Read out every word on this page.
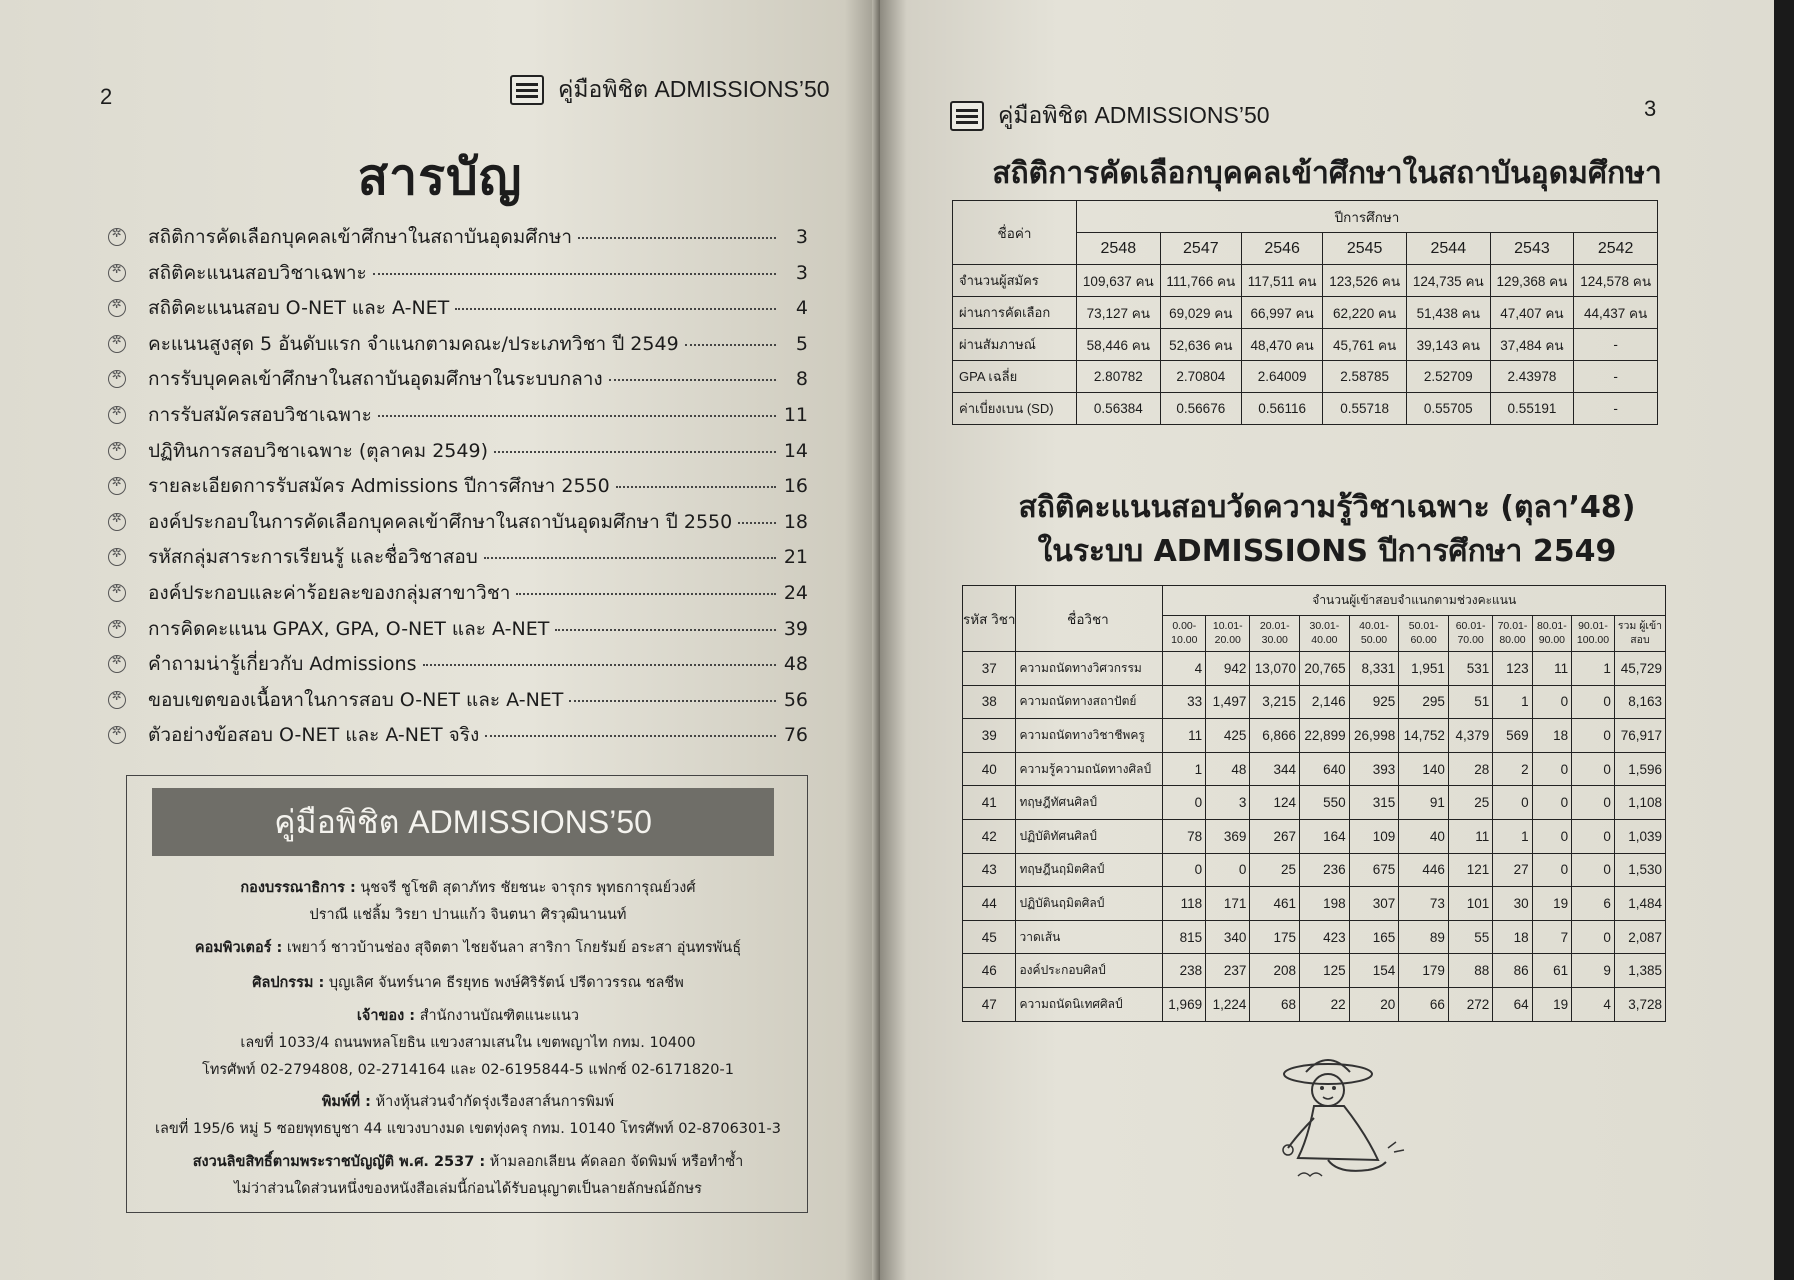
2	คู่มือพิชิต ADMISSIONS’50
สารบัญ
✲
สถิติการคัดเลือกบุคคลเข้าศึกษาในสถาบันอุดมศึกษา	3
✲
สถิติคะแนนสอบวิชาเฉพาะ	3
✲
สถิติคะแนนสอบ O-NET และ A-NET	4
✲
คะแนนสูงสุด 5 อันดับแรก จำแนกตามคณะ/ประเภทวิชา ปี 2549	5
✲
การรับบุคคลเข้าศึกษาในสถาบันอุดมศึกษาในระบบกลาง	8
✲
การรับสมัครสอบวิชาเฉพาะ	11
✲
ปฏิทินการสอบวิชาเฉพาะ (ตุลาคม 2549)	14
✲
รายละเอียดการรับสมัคร Admissions ปีการศึกษา 2550	16
✲
องค์ประกอบในการคัดเลือกบุคคลเข้าศึกษาในสถาบันอุดมศึกษา ปี 2550	18
✲
รหัสกลุ่มสาระการเรียนรู้ และชื่อวิชาสอบ	21
✲
องค์ประกอบและค่าร้อยละของกลุ่มสาขาวิชา	24
✲
การคิดคะแนน GPAX, GPA, O-NET และ A-NET	39
✲
คำถามน่ารู้เกี่ยวกับ Admissions	48
✲
ขอบเขตของเนื้อหาในการสอบ O-NET และ A-NET	56
✲
ตัวอย่างข้อสอบ O-NET และ A-NET จริง	76
คู่มือพิชิต ADMISSIONS’50
กองบรรณาธิการ : นุชจรี ชูโชติ สุดาภัทร ชัยชนะ จารุกร พุทธการุณย์วงศ์
ปราณี แช่ลิ้ม วิรยา ปานแก้ว จินตนา ศิรวุฒินานนท์
คอมพิวเตอร์ : เพยาว์ ชาวบ้านช่อง สุจิตตา ไชยจันลา สาริกา โกยรัมย์ อระสา อุ่นทรพันธุ์
ศิลปกรรม : บุญเลิศ จันทร์นาค ธีรยุทธ พงษ์ศิริรัตน์ ปรีดาวรรณ ชลชีพ
เจ้าของ : สำนักงานบัณฑิตแนะแนว
เลขที่ 1033/4 ถนนพหลโยธิน แขวงสามเสนใน เขตพญาไท กทม. 10400
โทรศัพท์ 02-2794808, 02-2714164 และ 02-6195844-5 แฟกซ์ 02-6171820-1
พิมพ์ที่ : ห้างหุ้นส่วนจำกัดรุ่งเรืองสาส์นการพิมพ์
เลขที่ 195/6 หมู่ 5 ซอยพุทธบูชา 44 แขวงบางมด เขตทุ่งครุ กทม. 10140 โทรศัพท์ 02-8706301-3
สงวนลิขสิทธิ์ตามพระราชบัญญัติ พ.ศ. 2537 : ห้ามลอกเลียน คัดลอก จัดพิมพ์ หรือทำซ้ำ
ไม่ว่าส่วนใดส่วนหนึ่งของหนังสือเล่มนี้ก่อนได้รับอนุญาตเป็นลายลักษณ์อักษร
คู่มือพิชิต ADMISSIONS’50	3
สถิติการคัดเลือกบุคคลเข้าศึกษาในสถาบันอุดมศึกษา
สถิติคะแนนสอบวัดความรู้วิชาเฉพาะ (ตุลา’48)
ในระบบ ADMISSIONS ปีการศึกษา 2549
ชื่อค่า	ปีการศึกษา						
	2548	2547	2546	2545	2544	2543	2542
จำนวนผู้สมัคร	109,637 คน	111,766 คน	117,511 คน	123,526 คน	124,735 คน	129,368 คน	124,578 คน
ผ่านการคัดเลือก	73,127 คน	69,029 คน	66,997 คน	62,220 คน	51,438 คน	47,407 คน	44,437 คน
ผ่านสัมภาษณ์	58,446 คน	52,636 คน	48,470 คน	45,761 คน	39,143 คน	37,484 คน	-
GPA เฉลี่ย	2.80782	2.70804	2.64009	2.58785	2.52709	2.43978	-
ค่าเบี่ยงเบน (SD)	0.56384	0.56676	0.56116	0.55718	0.55705	0.55191	-
รหัส วิชา	ชื่อวิชา	จำนวนผู้เข้าสอบจำแนกตามช่วงคะแนน										
		0.00- 10.00	10.01- 20.00	20.01- 30.00	30.01- 40.00	40.01- 50.00	50.01- 60.00	60.01- 70.00	70.01- 80.00	80.01- 90.00	90.01- 100.00	รวม ผู้เข้าสอบ
37	ความถนัดทางวิศวกรรม	4	942	13,070	20,765	8,331	1,951	531	123	11	1	45,729
38	ความถนัดทางสถาปัตย์	33	1,497	3,215	2,146	925	295	51	1	0	0	8,163
39	ความถนัดทางวิชาชีพครู	11	425	6,866	22,899	26,998	14,752	4,379	569	18	0	76,917
40	ความรู้ความถนัดทางศิลป์	1	48	344	640	393	140	28	2	0	0	1,596
41	ทฤษฎีทัศนศิลป์	0	3	124	550	315	91	25	0	0	0	1,108
42	ปฏิบัติทัศนศิลป์	78	369	267	164	109	40	11	1	0	0	1,039
43	ทฤษฎีนฤมิตศิลป์	0	0	25	236	675	446	121	27	0	0	1,530
44	ปฏิบัตินฤมิตศิลป์	118	171	461	198	307	73	101	30	19	6	1,484
45	วาดเส้น	815	340	175	423	165	89	55	18	7	0	2,087
46	องค์ประกอบศิลป์	238	237	208	125	154	179	88	86	61	9	1,385
47	ความถนัดนิเทศศิลป์	1,969	1,224	68	22	20	66	272	64	19	4	3,728
